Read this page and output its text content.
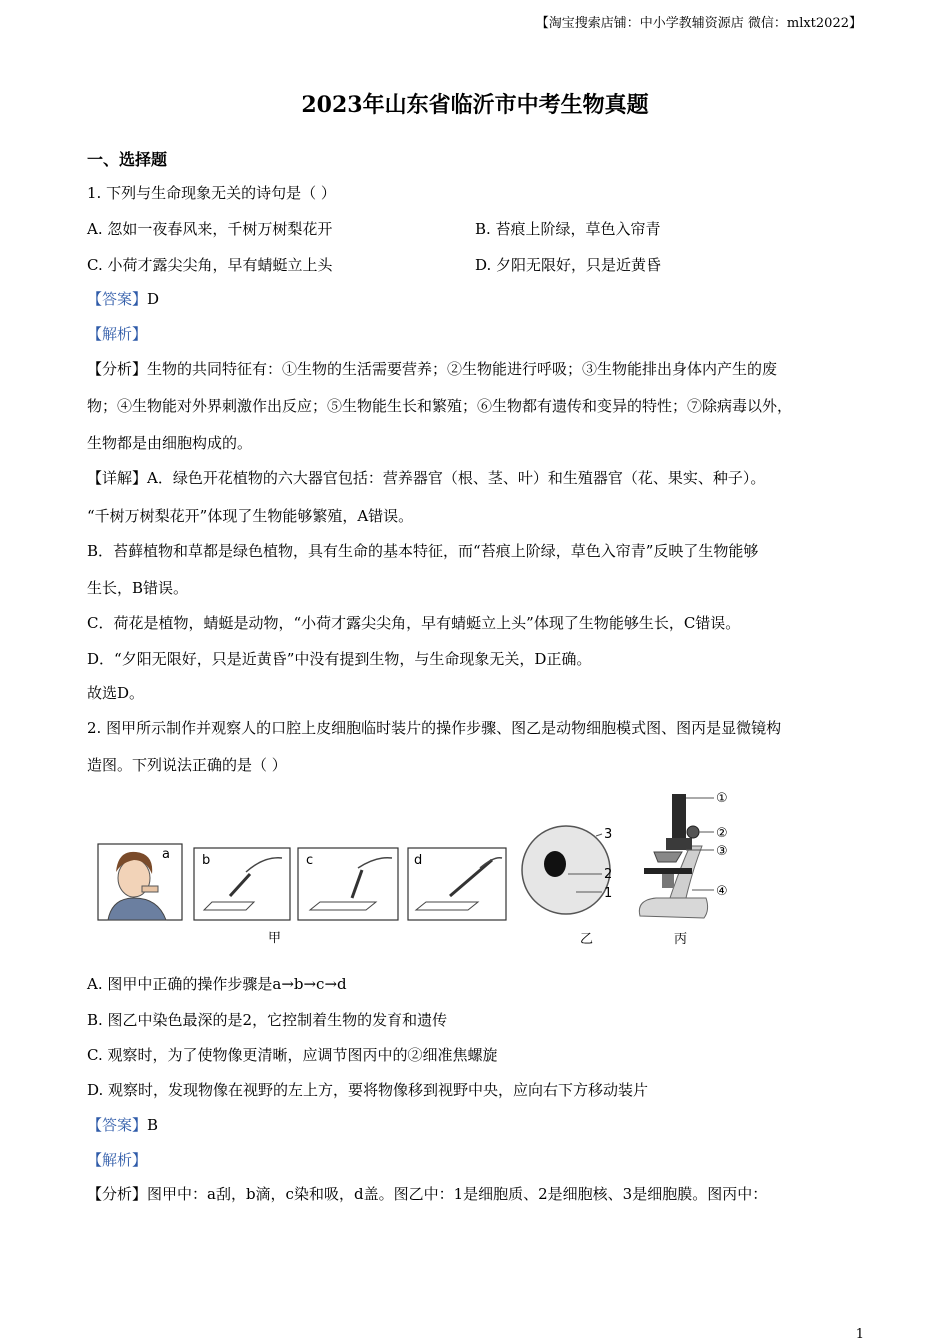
【淘宝搜索店铺：中小学教辅资源店 微信：mlxt2022】
2023年山东省临沂市中考生物真题
一、选择题
1. 下列与生命现象无关的诗句是（ ）
A. 忽如一夜春风来，千树万树梨花开	B. 苔痕上阶绿，草色入帘青
C. 小荷才露尖尖角，早有蜻蜓立上头	D. 夕阳无限好，只是近黄昏
【答案】D
【解析】
【分析】生物的共同特征有：①生物的生活需要营养；②生物能进行呼吸；③生物能排出身体内产生的废
物；④生物能对外界刺激作出反应；⑤生物能生长和繁殖；⑥生物都有遗传和变异的特性；⑦除病毒以外，
生物都是由细胞构成的。
【详解】A．绿色开花植物的六大器官包括：营养器官（根、茎、叶）和生殖器官（花、果实、种子）。
“千树万树梨花开”体现了生物能够繁殖，A错误。
B．苔藓植物和草都是绿色植物，具有生命的基本特征，而“苔痕上阶绿，草色入帘青”反映了生物能够
生长，B错误。
C．荷花是植物，蜻蜓是动物，“小荷才露尖尖角，早有蜻蜓立上头”体现了生物能够生长，C错误。
D．“夕阳无限好，只是近黄昏”中没有提到生物，与生命现象无关，D正确。
故选D。
2. 图甲所示制作并观察人的口腔上皮细胞临时装片的操作步骤、图乙是动物细胞模式图、图丙是显微镜构
造图。下列说法正确的是（ ）
a b	c	d
甲
3
2
1
乙
①
②
③
④
丙
A. 图甲中正确的操作步骤是a→b→c→d
B. 图乙中染色最深的是2，它控制着生物的发育和遗传
C. 观察时，为了使物像更清晰，应调节图丙中的②细准焦螺旋
D. 观察时，发现物像在视野的左上方，要将物像移到视野中央，应向右下方移动装片
【答案】B
【解析】
【分析】图甲中：a刮，b滴，c染和吸，d盖。图乙中：1是细胞质、2是细胞核、3是细胞膜。图丙中：
1
